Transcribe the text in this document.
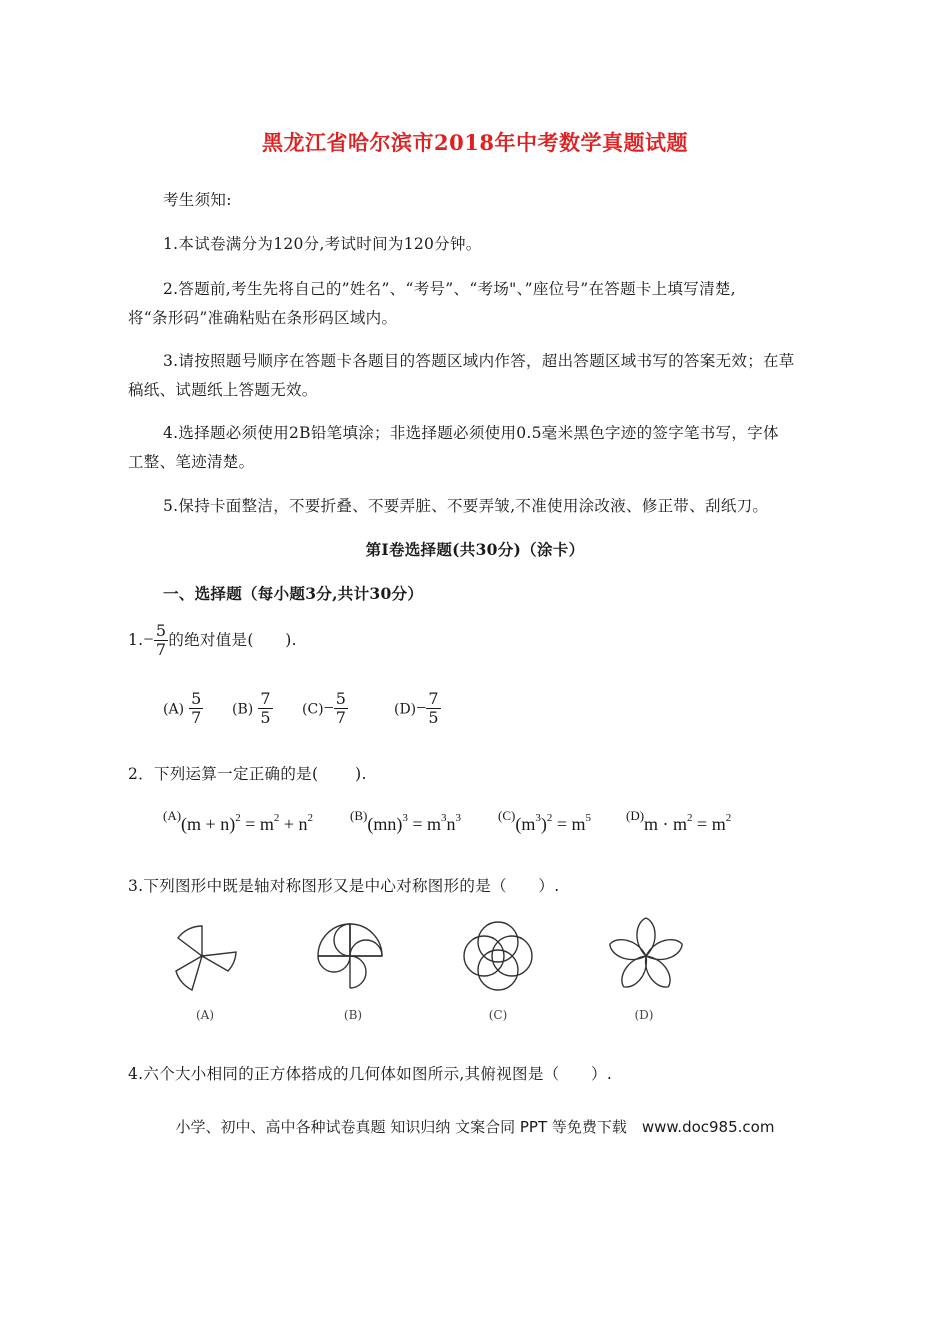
黑龙江省哈尔滨市2018年中考数学真题试题
考生须知:
1.本试卷满分为120分,考试时间为120分钟。
2.答题前,考生先将自己的”姓名”、“考号”、“考场"、”座位号”在答题卡上填写清楚,
将“条形码”准确粘贴在条形码区域内。
3.请按照题号顺序在答题卡各题目的答题区域内作答，超出答题区域书写的答案无效；在草
稿纸、试题纸上答题无效。
4.选择题必须使用2B铅笔填涂；非选择题必须使用0.5毫米黑色字迹的签字笔书写，字体
工整、笔迹清楚。
5.保持卡面整洁，不要折叠、不要弄脏、不要弄皱,不准使用涂改液、修正带、刮纸刀。
第Ⅰ卷选择题(共30分)（涂卡）
一、选择题（每小题3分,共计30分）
$1.- \frac{5}{7}$ 的绝对值是(　　).
$(A) \frac{5}{7} (B) \frac{7}{5} (C)- \frac{5}{7}$	$(D)- \frac{7}{5}$
2．下列运算一定正确的是(　　 ).
$^{(A)}(m + n)^2 = m^2 + n^2$	$^{(B)}(mn)^3 = m^3n^3$	$^{(C)}(m^3)^2 = m^5$	$^{(D)}m \cdot m^2 = m^2$
3.下列图形中既是轴对称图形又是中心对称图形的是（　　）.
(A)	(B)	(C)	(D)
4.六个大小相同的正方体搭成的几何体如图所示,其俯视图是（　　）.
小学、初中、高中各种试卷真题 知识归纳 文案合同 PPT 等免费下载　www.doc985.com
